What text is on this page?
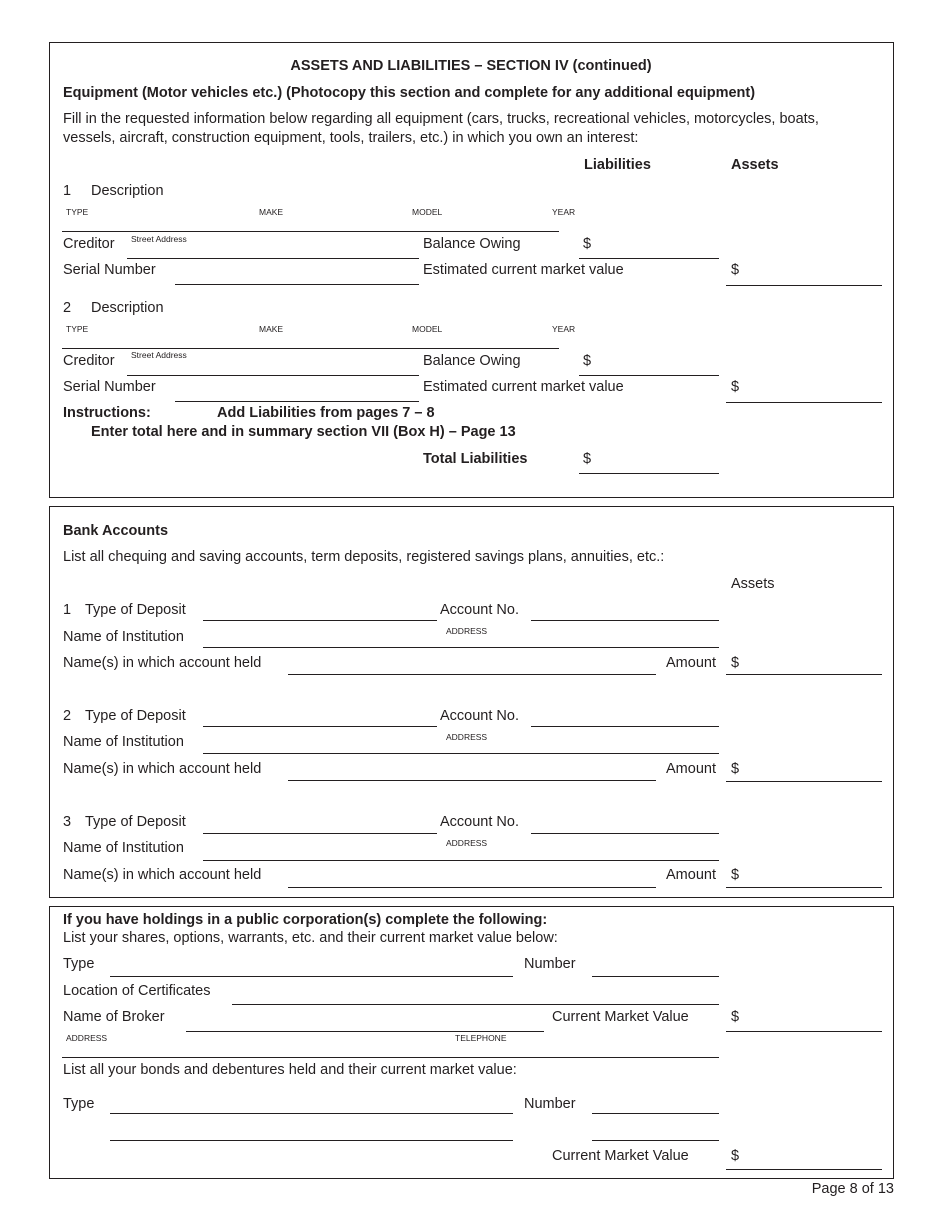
ASSETS AND LIABILITIES – SECTION IV (continued)
Equipment (Motor vehicles etc.) (Photocopy this section and complete for any additional equipment)
Fill in the requested information below regarding all equipment (cars, trucks, recreational vehicles, motorcycles, boats,
vessels, aircraft, construction equipment, tools, trailers, etc.) in which you own an interest:
Liabilities	Assets
1 Description
TYPE	MAKE	MODEL	YEAR
Creditor Street Address	Balance Owing	$
Serial Number	Estimated current market value	$
2 Description
TYPE	MAKE	MODEL	YEAR
Creditor Street Address	Balance Owing	$
Serial Number	Estimated current market value	$
Instructions:	Add Liabilities from pages 7 – 8
Enter total here and in summary section VII (Box H) – Page 13
Total Liabilities	$
Bank Accounts
List all chequing and saving accounts, term deposits, registered savings plans, annuities, etc.:
Assets
1 Type of Deposit	Account No.
Name of Institution	ADDRESS
Name(s) in which account held	Amount $
2 Type of Deposit	Account No.
Name of Institution	ADDRESS
Name(s) in which account held	Amount $
3 Type of Deposit	Account No.
Name of Institution	ADDRESS
Name(s) in which account held	Amount $
If you have holdings in a public corporation(s) complete the following:
List your shares, options, warrants, etc. and their current market value below:
Type	Number
Location of Certificates
Name of Broker	Current Market Value	$
ADDRESS	TELEPHONE
List all your bonds and debentures held and their current market value:
Type	Number
Current Market Value	$
Page 8 of 13
